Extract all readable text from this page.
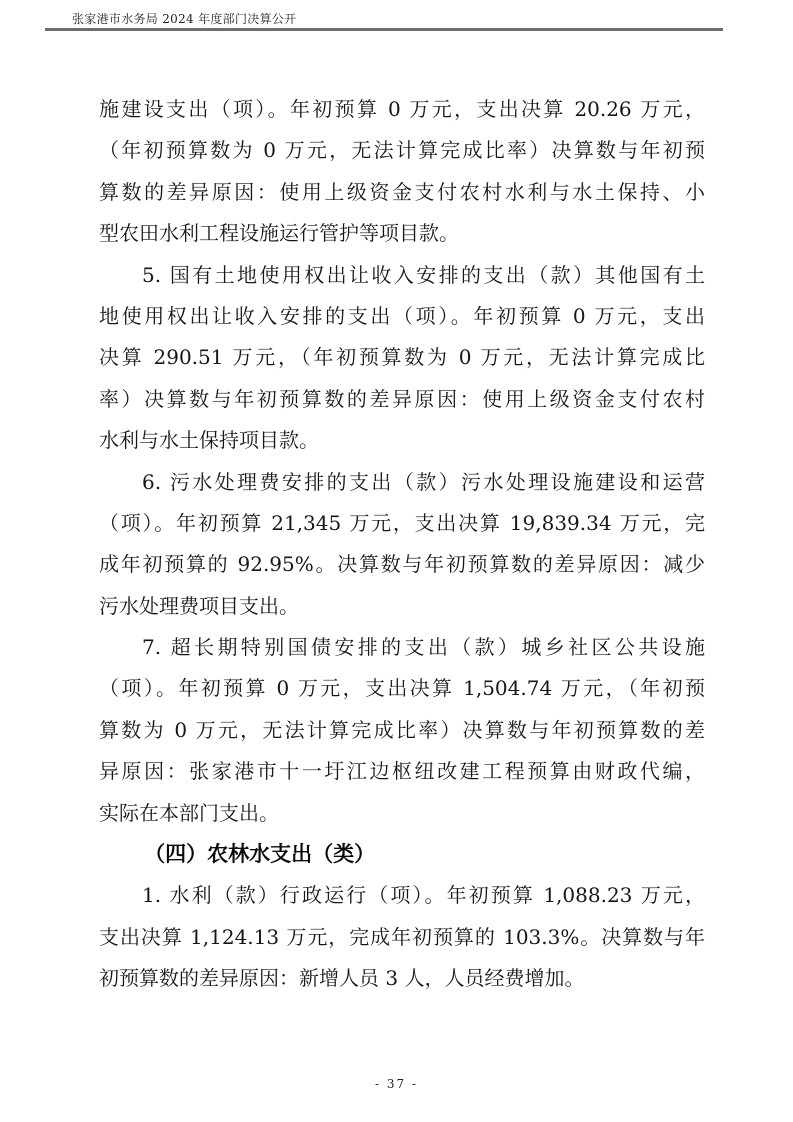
张家港市水务局 2024 年度部门决算公开
施建设支出（项）。年初预算 0 万元，支出决算 20.26 万元，
（年初预算数为 0 万元，无法计算完成比率）决算数与年初预
算数的差异原因：使用上级资金支付农村水利与水土保持、小
型农田水利工程设施运行管护等项目款。
5. 国有土地使用权出让收入安排的支出（款）其他国有土
地使用权出让收入安排的支出（项）。年初预算 0 万元，支出
决算 290.51 万元，（年初预算数为 0 万元，无法计算完成比
率）决算数与年初预算数的差异原因：使用上级资金支付农村
水利与水土保持项目款。
6. 污水处理费安排的支出（款）污水处理设施建设和运营
（项）。年初预算 21,345 万元，支出决算 19,839.34 万元，完
成年初预算的 92.95%。决算数与年初预算数的差异原因：减少
污水处理费项目支出。
7. 超长期特别国债安排的支出（款）城乡社区公共设施
（项）。年初预算 0 万元，支出决算 1,504.74 万元，（年初预
算数为 0 万元，无法计算完成比率）决算数与年初预算数的差
异原因：张家港市十一圩江边枢纽改建工程预算由财政代编，
实际在本部门支出。
（四）农林水支出（类）
1. 水利（款）行政运行（项）。年初预算 1,088.23 万元，
支出决算 1,124.13 万元，完成年初预算的 103.3%。决算数与年
初预算数的差异原因：新增人员 3 人，人员经费增加。
- 37 -
